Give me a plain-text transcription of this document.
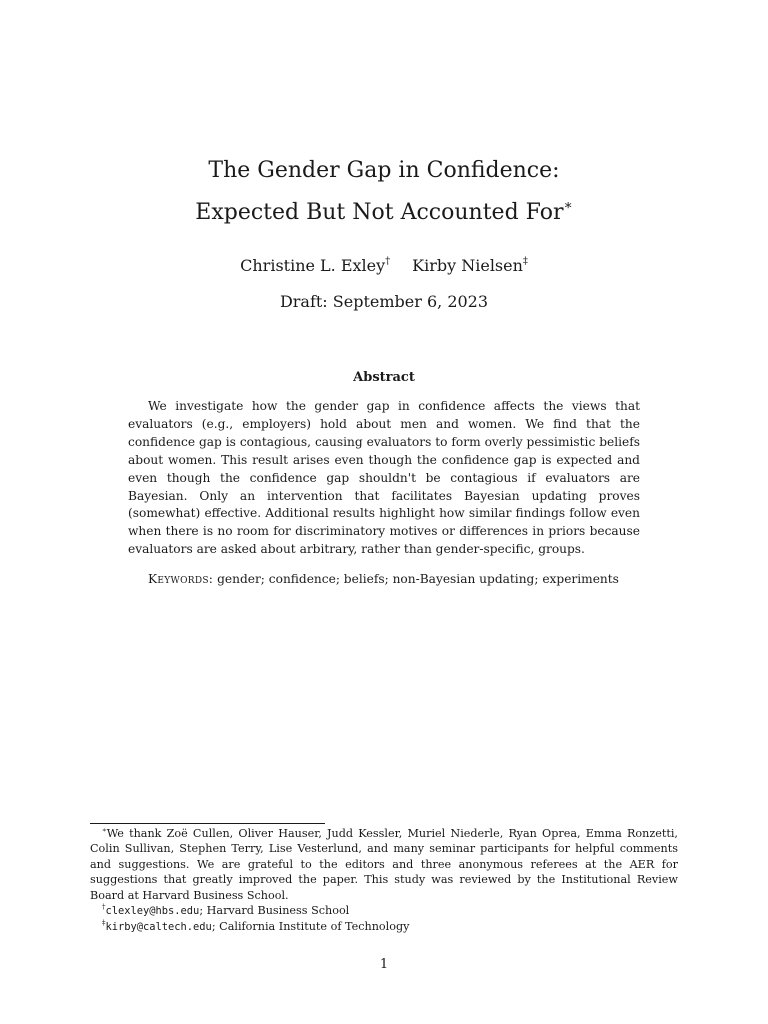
The Gender Gap in Confidence:
Expected But Not Accounted For∗
Christine L. Exley† Kirby Nielsen‡
Draft: September 6, 2023
Abstract

We investigate how the gender gap in confidence affects the views that evaluators (e.g., employers) hold about men and women. We find that the confidence gap is contagious, causing evaluators to form overly pessimistic beliefs about women. This result arises even though the confidence gap is expected and even though the confidence gap shouldn't be contagious if evaluators are Bayesian. Only an intervention that facilitates Bayesian updating proves (somewhat) effective. Additional results highlight how similar findings follow even when there is no room for discriminatory motives or differences in priors because evaluators are asked about arbitrary, rather than gender-specific, groups.

Keywords: gender; confidence; beliefs; non-Bayesian updating; experiments

∗We thank Zoë Cullen, Oliver Hauser, Judd Kessler, Muriel Niederle, Ryan Oprea, Emma Ronzetti, Colin Sullivan, Stephen Terry, Lise Vesterlund, and many seminar participants for helpful comments and suggestions. We are grateful to the editors and three anonymous referees at the AER for suggestions that greatly improved the paper. This study was reviewed by the Institutional Review Board at Harvard Business School.

†clexley@hbs.edu; Harvard Business School

‡kirby@caltech.edu; California Institute of Technology

1
